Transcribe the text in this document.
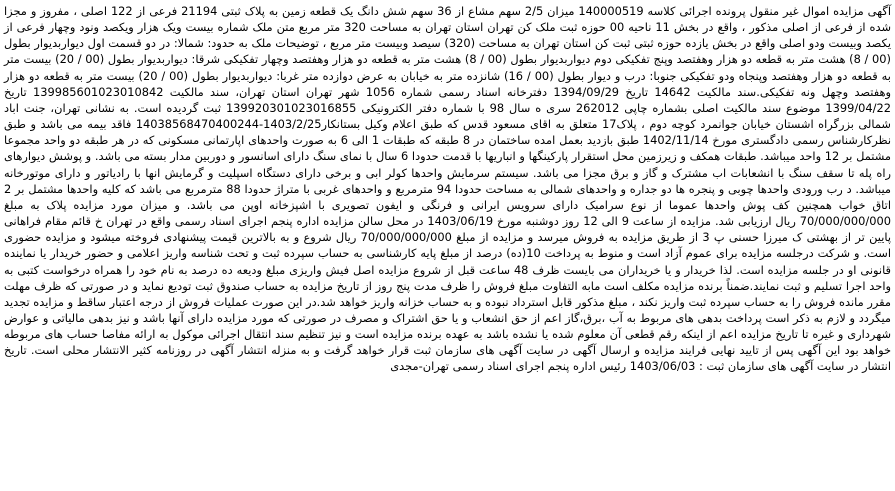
آگهی مزایده اموال غیر منقول پرونده اجرائی کلاسه 140000519 میزان 2/5 سهم مشاع از 36 سهم شش دانگ یک قطعه زمین به پلاک ثبتی 21194 فرعی از 122 اصلی ، مفروز و مجزا شده از فرعی از اصلی مذکور ، واقع در بخش 11 ناحیه 00 حوزه ثبت ملک کن تهران استان تهران به مساحت 320 متر مربع متن ملک شماره بیست ویک هزار ویکصد ونود وچهار فرعی از یکصد وبیست ودو اصلی واقع در بخش یازده حوزه ثبتی ثبت کن استان تهران به مساحت (320) سیصد وبیست متر مربع ، توضیحات ملک به حدود: شمالا: در دو قسمت اول دیواربدیوار بطول (00 / 8) هشت متر به قطعه دو هزار وهفتصد وپنج تفکیکی دوم دیواربدیوار بطول (00 / 8) هشت متر به قطعه دو هزار وهفتصد وچهار تفکیکی شرقا: دیواربدیوار بطول (00 / 20) بیست متر به قطعه دو هزار وهفتصد وپنجاه ودو تفکیکی جنوبا: درب و دیوار بطول (00 / 16) شانزده متر به خیابان به عرض دوازده متر غربا: دیواربدیوار بطول (00 / 20) بیست متر به قطعه دو هزار وهفتصد وچهل ونه تفکیکی.سند مالکیت 14642 تاریخ 1394/09/29 دفترخانه اسناد رسمی شماره 1056 شهر تهران استان تهران، سند مالکیت 139985601023010842 تاریخ 1399/04/22 موضوع سند مالکیت اصلی بشماره چاپی 262012 سری ه سال 98 با شماره دفتر الکترونیکی 139920301023016855 ثبت گردیده است. به نشانی تهران، جنت اباد شمالی بزرگراه اشستان خیابان جوانمرد کوچه دوم ، پلاک17 متعلق به اقای مسعود قدس که طبق اعلام وکیل بستانکار1403/2/25-14038568470400244 فاقد بیمه می باشد و طبق نظرکارشناس رسمی دادگستری مورخ 1402/11/14 طبق بازدید بعمل امده ساختمان در 8 طبقه که طبقات 1 الی 6 به صورت واحدهای اپارتمانی مسکونی که در هر طبقه دو واحد مجموعا مشتمل بر 12 واحد میباشد. طبقات همکف و زیرزمین محل استقرار پارکینگها و انباریها با قدمت حدودا 6 سال با نمای سنگ دارای اسانسور و دوربین مدار بسته می باشد. و پوشش دیوارهای راه پله تا سقف سنگ با انشعابات اب مشترک و گاز و برق مجزا می باشد. سیستم سرمایش واحدها کولر ابی و برخی دارای دستگاه اسپلیت و گرمایش انها با رادیاتور و دارای موتورخانه میباشد. د رب ورودی واحدها چوبی و پنجره ها دو جداره و واحدهای شمالی به مساحت حدودا 94 مترمربع و واحدهای غربی با متراژ حدودا 88 مترمربع می باشد که کلیه واحدها مشتمل بر 2 اتاق خواب همچنین کف پوش واحدها عموما از نوع سرامیک دارای سرویس ایرانی و فرنگی و ایفون تصویری با اشپزخانه اوپن می باشد. و میزان مورد مزایده پلاک به مبلغ 70/000/000/000 ریال ارزیابی شد. مزایده از ساعت 9 الی 12 روز دوشنبه مورخ 1403/06/19 در محل سالن مزایده اداره پنجم اجرای اسناد رسمی واقع در تهران خ قائم مقام فراهانی پایین تر از بهشتی ک میرزا حسنی پ 3 از طریق مزایده به فروش میرسد و مزایده از مبلغ 70/000/000/000 ریال شروع و به بالاترین قیمت پیشنهادی فروخته میشود و مزایده حضوری است. و شرکت درجلسه مزایده برای عموم آزاد است و منوط به پرداخت 10(ده) درصد از مبلغ پایه کارشناسی به حساب سپرده ثبت و تحت شناسه واریز اعلامی و حضور خریدار یا نماینده قانونی او در جلسه مزایده است. لذا خریدار و یا خریداران می بایست ظرف 48 ساعت قبل از شروع مزایده اصل فیش واریزی مبلغ ودیعه ده درصد به نام خود را همراه درخواست کتبی به واحد اجرا تسلیم و ثبت نمایند.ضمناً برنده مزایده مکلف است مابه التفاوت مبلغ فروش را ظرف مدت پنج روز از تاریخ مزایده به حساب صندوق ثبت تودیع نماید و در صورتی که ظرف مهلت مقرر مانده فروش را به حساب سپرده ثبت واریز نکند ، مبلغ مذکور قابل استرداد نبوده و به حساب خزانه واریز خواهد شد.در این صورت عملیات فروش از درجه اعتبار ساقط و مزایده تجدید میگردد و لازم به ذکر است پرداخت بدهی های مربوط به آب ،برق،گاز اعم از حق انشعاب و یا حق اشتراک و مصرف در صورتی که مورد مزایده دارای آنها باشد و نیز بدهی مالیاتی و عوارض شهرداری و غیره تا تاریخ مزایده اعم از اینکه رقم قطعی آن معلوم شده یا نشده باشد به عهده برنده مزایده است و نیز تنظیم سند انتقال اجرائی موکول به ارائه مفاصا حساب های مربوطه خواهد بود این آگهی پس از تایید نهایی فرایند مزایده و ارسال آگهی در سایت آگهی های سازمان ثبت قرار خواهد گرفت و به منزله انتشار آگهی در روزنامه کثیر الانتشار محلی است. تاریخ انتشار در سایت آگهی های سازمان ثبت : 1403/06/03 رئیس اداره پنجم اجرای اسناد رسمی تهران-مجدی
